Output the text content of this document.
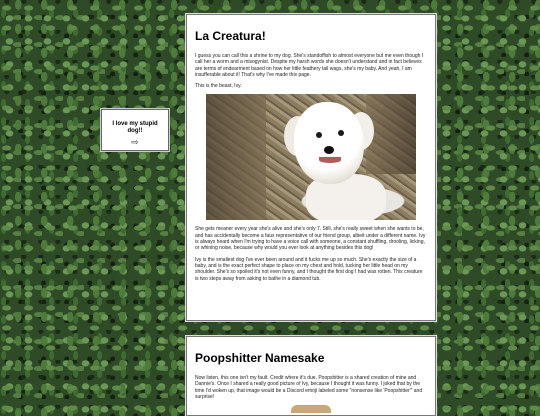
I love my stupid dog!!
⇨
La Creatura!

I guess you can call this a shrine to my dog. She's standoffish to almost everyone but me even though I call her a worm and a misogynist. Despite my harsh words she doesn't understand and in fact believes are terms of endearment based on how her little feathery tail wags, she's my baby. And yeah, I am insufferable about it! That's why I've made this page.

This is the beast, Ivy.

She gets meaner every year she's alive and she's only 7. Still, she's really sweet when she wants to be, and has accidentally become a faux representative of our friend group, albeit under a different name. Ivy is always heard when I'm trying to have a voice call with someone, a constant shuffling, drooling, licking, or whining noise, because why would you ever look at anything besides this dog!

Ivy is the smallest dog I've ever been around and it fucks me up so much. She's exactly the size of a baby, and is the exact perfect shape to place on my chest and hold, tucking her little head on my shoulder. She's so spoiled it's not even funny, and I thought the first dog I had was rotten. This creature is two steps away from asking to bathe in a diamond tub.

Poopshitter Namesake

Now listen, this one isn't my fault. Credit where it's due, Poopshitter is a shared creation of mine and Dannie's. Once I shared a really good picture of Ivy, because I thought it was funny. I joked that by the time I'd woken up, that image would be a Discord emoji labeled some "nonsense like 'Poopshitter'" and surprise!
